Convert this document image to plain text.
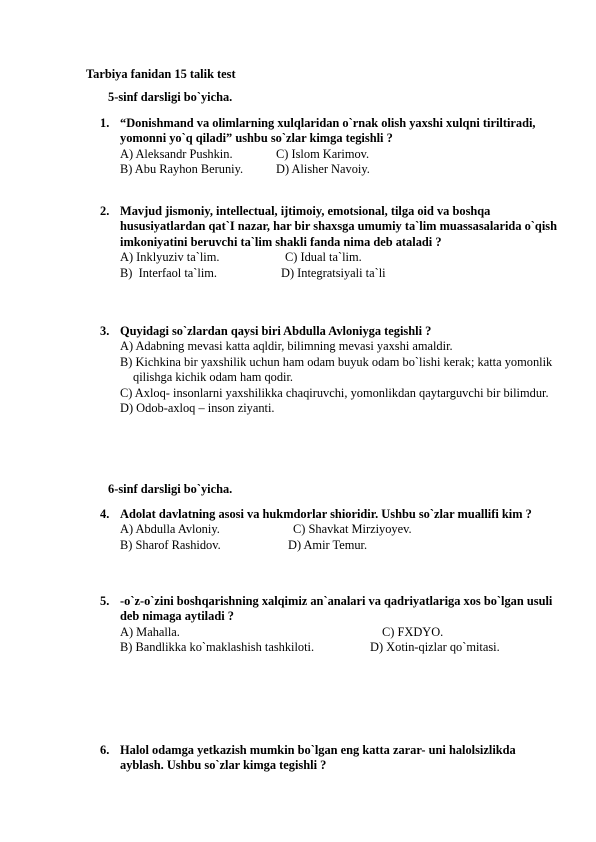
Tarbiya fanidan 15 talik test
5-sinf darsligi bo`yicha.
1. “Donishmand va olimlarning xulqlaridan o`rnak olish yaxshi xulqni tiriltiradi, yomonni yo`q qiladi” ushbu so`zlar kimga tegishli ?
A) Aleksandr Pushkin.	C) Islom Karimov.
B) Abu Rayhon Beruniy.	D) Alisher Navoiy.
2. Mavjud jismoniy, intellectual, ijtimoiy, emotsional, tilga oid va boshqa hususiyatlardan qat`I nazar, har bir shaxsga umumiy ta`lim muassasalarida o`qish imkoniyatini beruvchi ta`lim shakli fanda nima deb ataladi ?
A) Inklyuziv ta`lim.	C) Idual ta`lim.
B)  Interfaol ta`lim.	D) Integratsiyali ta`li
3. Quyidagi so`zlardan qaysi biri Abdulla Avloniyga tegishli ?
A) Adabning mevasi katta aqldir, bilimning mevasi yaxshi amaldir.
B) Kichkina bir yaxshilik uchun ham odam buyuk odam bo`lishi kerak; katta yomonlik qilishga kichik odam ham qodir.
C) Axloq- insonlarni yaxshilikka chaqiruvchi, yomonlikdan qaytarguvchi bir bilimdur.
D) Odob-axloq – inson ziyanti.
6-sinf darsligi bo`yicha.
4. Adolat davlatning asosi va hukmdorlar shioridir. Ushbu so`zlar muallifi kim ?
A) Abdulla Avloniy.	C) Shavkat Mirziyoyev.
B) Sharof Rashidov.	D) Amir Temur.
5. -o`z-o`zini boshqarishning xalqimiz an`analari va qadriyatlariga xos bo`lgan usuli deb nimaga aytiladi ?
A) Mahalla.	C) FXDYO.
B) Bandlikka ko`maklashish tashkiloti.	D) Xotin-qizlar qo`mitasi.
6. Halol odamga yetkazish mumkin bo`lgan eng katta zarar- uni halolsizlikda ayblash. Ushbu so`zlar kimga tegishli ?
